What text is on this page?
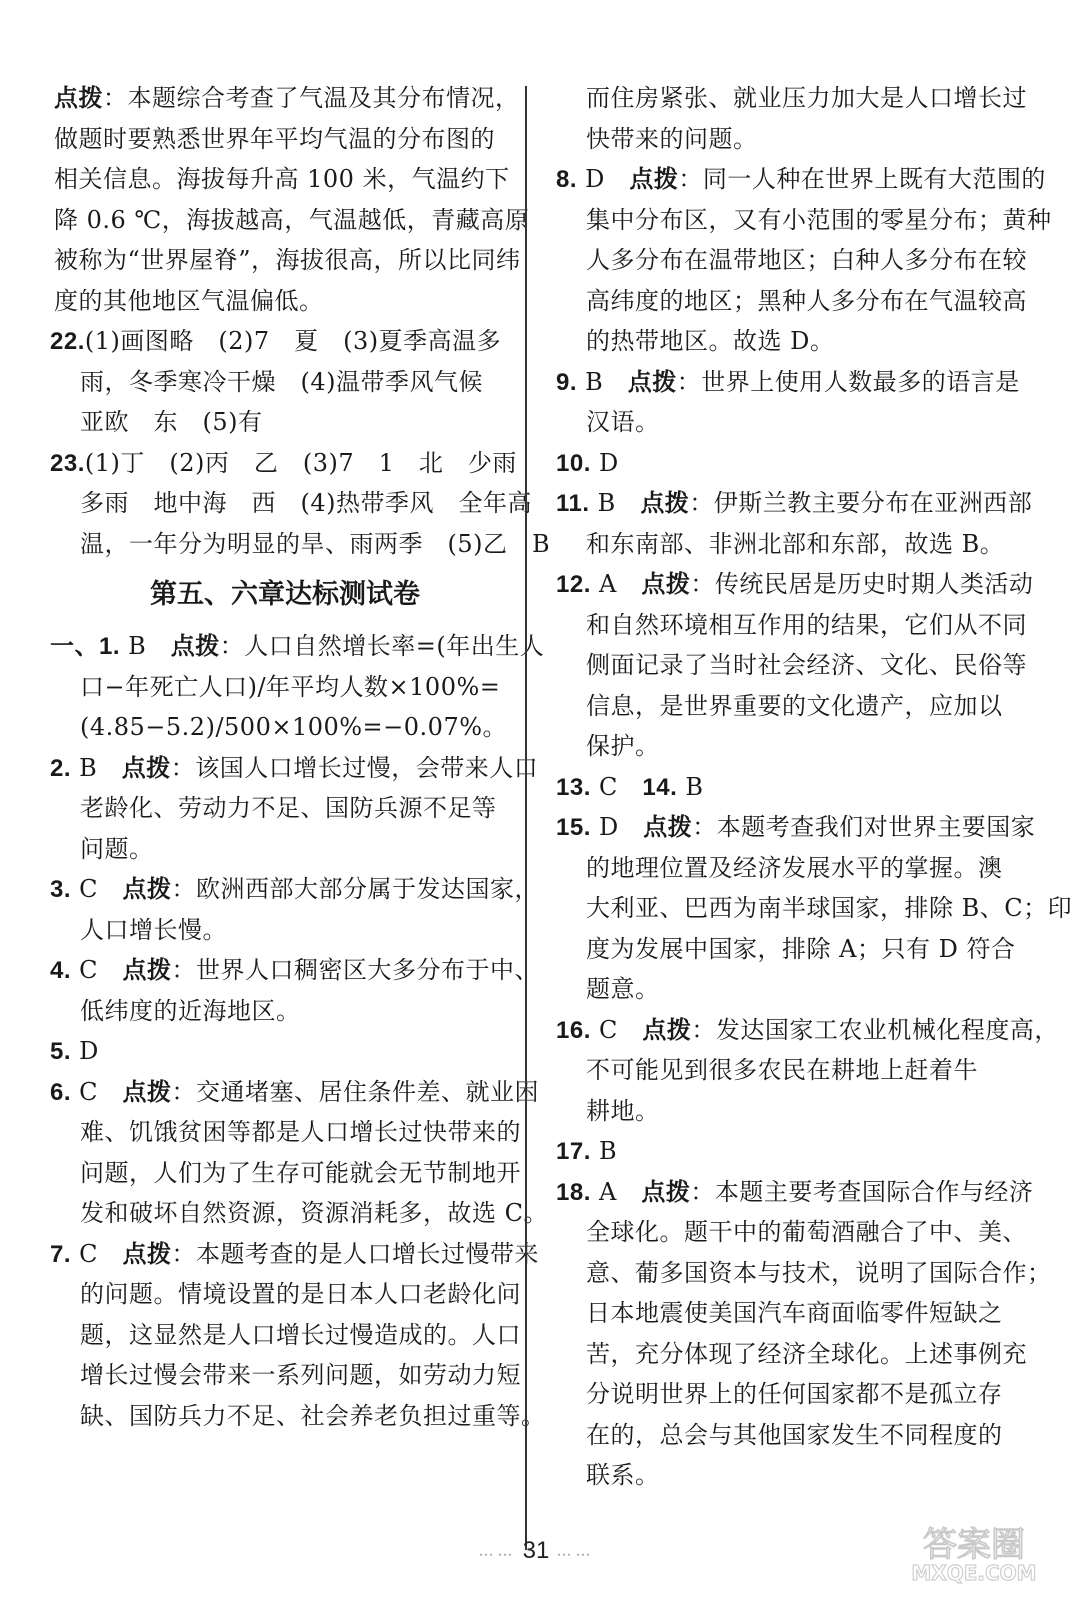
点拨：本题综合考查了气温及其分布情况，
做题时要熟悉世界年平均气温的分布图的
相关信息。海拔每升高 100 米，气温约下
降 0.6 ℃，海拔越高，气温越低，青藏高原
被称为“世界屋脊”，海拔很高，所以比同纬
度的其他地区气温偏低。
22.(1)画图略　(2)7　夏　(3)夏季高温多
雨，冬季寒冷干燥　(4)温带季风气候
亚欧　东　(5)有
23.(1)丁　(2)丙　乙　(3)7　1　北　少雨
多雨　地中海　西　(4)热带季风　全年高
温，一年分为明显的旱、雨两季　(5)乙　B
第五、六章达标测试卷
一、1. B　点拨：人口自然增长率=(年出生人
口−年死亡人口)/年平均人数×100%=
(4.85−5.2)/500×100%=−0.07%。
2. B　点拨：该国人口增长过慢，会带来人口
老龄化、劳动力不足、国防兵源不足等
问题。
3. C　点拨：欧洲西部大部分属于发达国家，
人口增长慢。
4. C　点拨：世界人口稠密区大多分布于中、
低纬度的近海地区。
5. D
6. C　点拨：交通堵塞、居住条件差、就业困
难、饥饿贫困等都是人口增长过快带来的
问题，人们为了生存可能就会无节制地开
发和破坏自然资源，资源消耗多，故选 C。
7. C　点拨：本题考查的是人口增长过慢带来
的问题。情境设置的是日本人口老龄化问
题，这显然是人口增长过慢造成的。人口
增长过慢会带来一系列问题，如劳动力短
缺、国防兵力不足、社会养老负担过重等。
而住房紧张、就业压力加大是人口增长过
快带来的问题。
8. D　点拨：同一人种在世界上既有大范围的
集中分布区，又有小范围的零星分布；黄种
人多分布在温带地区；白种人多分布在较
高纬度的地区；黑种人多分布在气温较高
的热带地区。故选 D。
9. B　点拨：世界上使用人数最多的语言是
汉语。
10. D
11. B　点拨：伊斯兰教主要分布在亚洲西部
和东南部、非洲北部和东部，故选 B。
12. A　点拨：传统民居是历史时期人类活动
和自然环境相互作用的结果，它们从不同
侧面记录了当时社会经济、文化、民俗等
信息，是世界重要的文化遗产，应加以
保护。
13. C　14. B
15. D　点拨：本题考查我们对世界主要国家
的地理位置及经济发展水平的掌握。澳
大利亚、巴西为南半球国家，排除 B、C；印
度为发展中国家，排除 A；只有 D 符合
题意。
16. C　点拨：发达国家工农业机械化程度高，
不可能见到很多农民在耕地上赶着牛
耕地。
17. B
18. A　点拨：本题主要考查国际合作与经济
全球化。题干中的葡萄酒融合了中、美、
意、葡多国资本与技术，说明了国际合作；
日本地震使美国汽车商面临零件短缺之
苦，充分体现了经济全球化。上述事例充
分说明世界上的任何国家都不是孤立存
在的，总会与其他国家发生不同程度的
联系。
…… 31 ……	答案圈
MXQE.COM
